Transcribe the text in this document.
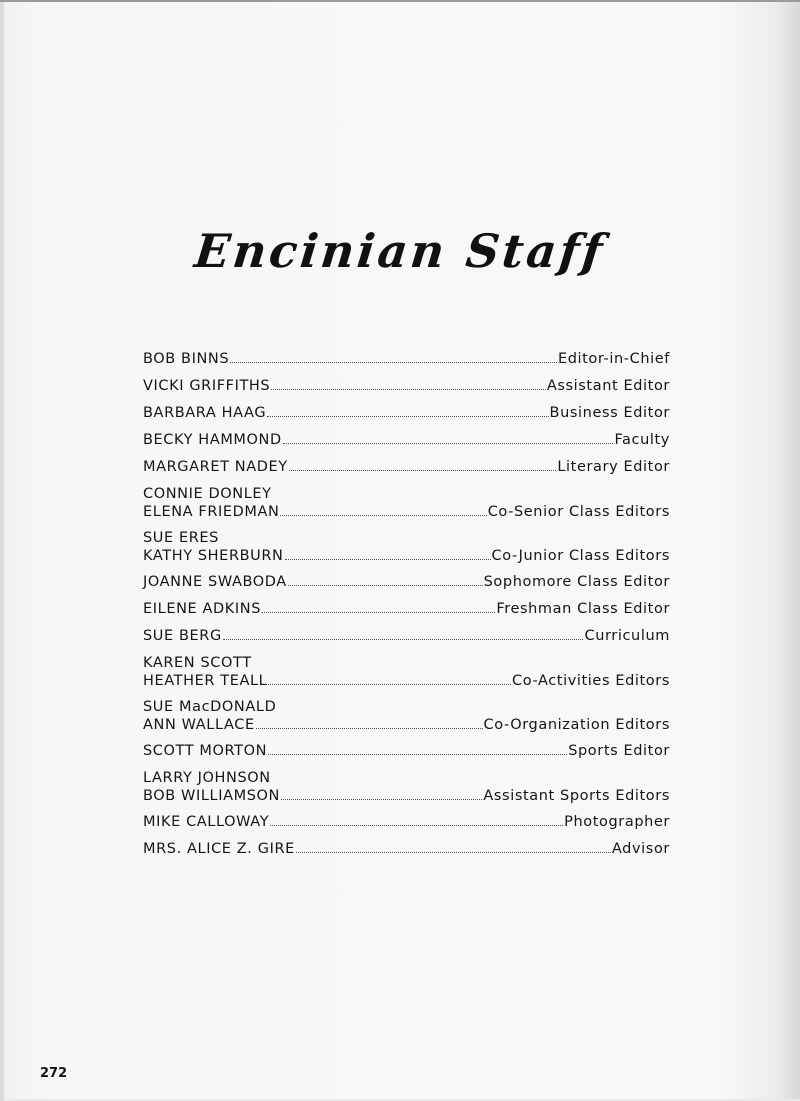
Encinian Staff
BOB BINNS	Editor-in-Chief
VICKI GRIFFITHS	Assistant Editor
BARBARA HAAG	Business Editor
BECKY HAMMOND	Faculty
MARGARET NADEY	Literary Editor
CONNIE DONLEY
ELENA FRIEDMAN	Co-Senior Class Editors
SUE ERES
KATHY SHERBURN	Co-Junior Class Editors
JOANNE SWABODA	Sophomore Class Editor
EILENE ADKINS	Freshman Class Editor
SUE BERG	Curriculum
KAREN SCOTT
HEATHER TEALL	Co-Activities Editors
SUE MacDONALD
ANN WALLACE	Co-Organization Editors
SCOTT MORTON	Sports Editor
LARRY JOHNSON
BOB WILLIAMSON	Assistant Sports Editors
MIKE CALLOWAY	Photographer
MRS. ALICE Z. GIRE	Advisor
272
